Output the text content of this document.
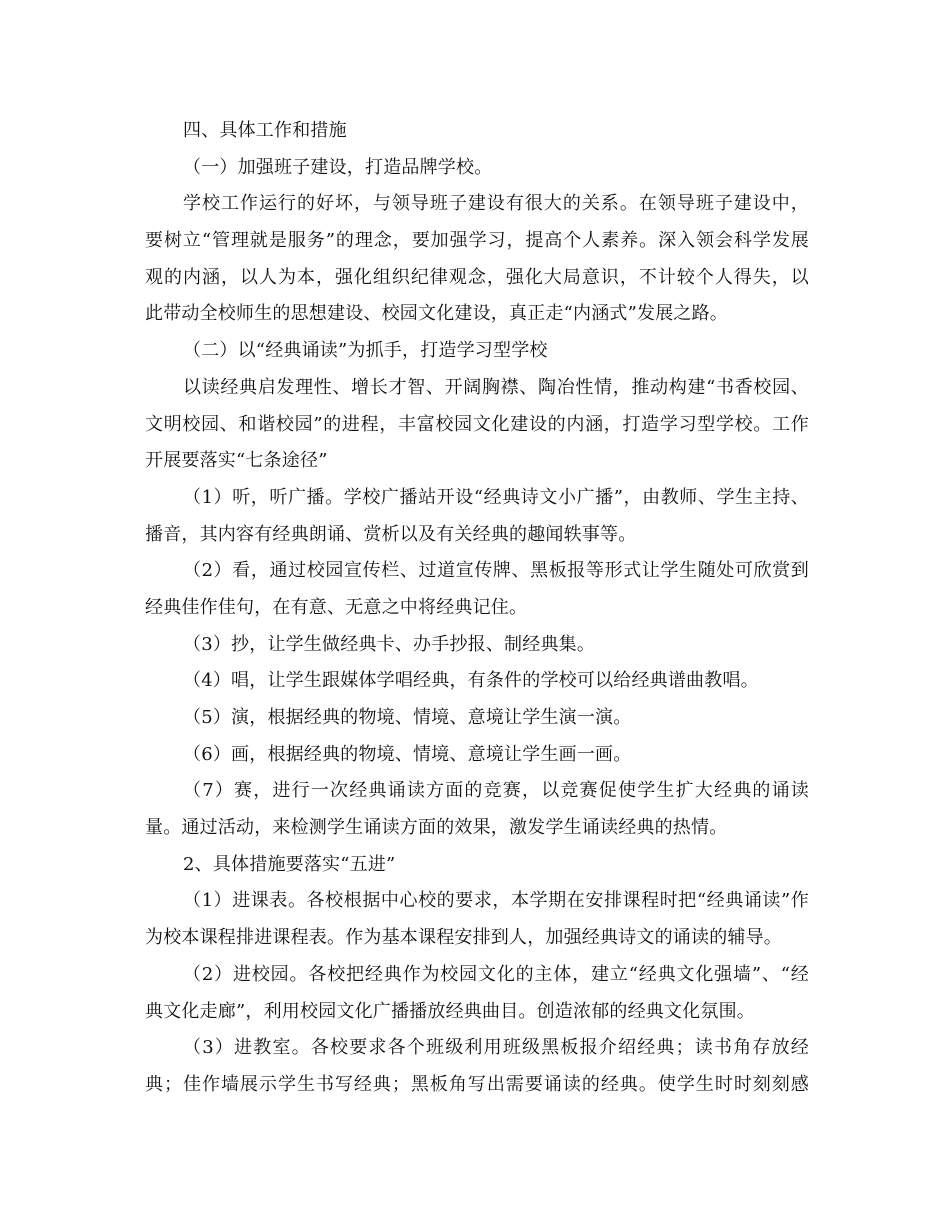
四、具体工作和措施
（一）加强班子建设，打造品牌学校。
学校工作运行的好坏，与领导班子建设有很大的关系。在领导班子建设中，
要树立“管理就是服务”的理念，要加强学习，提高个人素养。深入领会科学发展
观的内涵，以人为本，强化组织纪律观念，强化大局意识，不计较个人得失，以
此带动全校师生的思想建设、校园文化建设，真正走“内涵式”发展之路。
（二）以“经典诵读”为抓手，打造学习型学校
以读经典启发理性、增长才智、开阔胸襟、陶冶性情，推动构建“书香校园、
文明校园、和谐校园”的进程，丰富校园文化建设的内涵，打造学习型学校。工作
开展要落实“七条途径”
（1）听，听广播。学校广播站开设“经典诗文小广播”，由教师、学生主持、
播音，其内容有经典朗诵、赏析以及有关经典的趣闻轶事等。
（2）看，通过校园宣传栏、过道宣传牌、黑板报等形式让学生随处可欣赏到
经典佳作佳句，在有意、无意之中将经典记住。
（3）抄，让学生做经典卡、办手抄报、制经典集。
（4）唱，让学生跟媒体学唱经典，有条件的学校可以给经典谱曲教唱。
（5）演，根据经典的物境、情境、意境让学生演一演。
（6）画，根据经典的物境、情境、意境让学生画一画。
（7）赛，进行一次经典诵读方面的竞赛，以竞赛促使学生扩大经典的诵读
量。通过活动，来检测学生诵读方面的效果，激发学生诵读经典的热情。
2、具体措施要落实“五进”
（1）进课表。各校根据中心校的要求，本学期在安排课程时把“经典诵读”作
为校本课程排进课程表。作为基本课程安排到人，加强经典诗文的诵读的辅导。
（2）进校园。各校把经典作为校园文化的主体，建立“经典文化强墙”、“经
典文化走廊”，利用校园文化广播播放经典曲目。创造浓郁的经典文化氛围。
（3）进教室。各校要求各个班级利用班级黑板报介绍经典；读书角存放经
典；佳作墙展示学生书写经典；黑板角写出需要诵读的经典。使学生时时刻刻感
